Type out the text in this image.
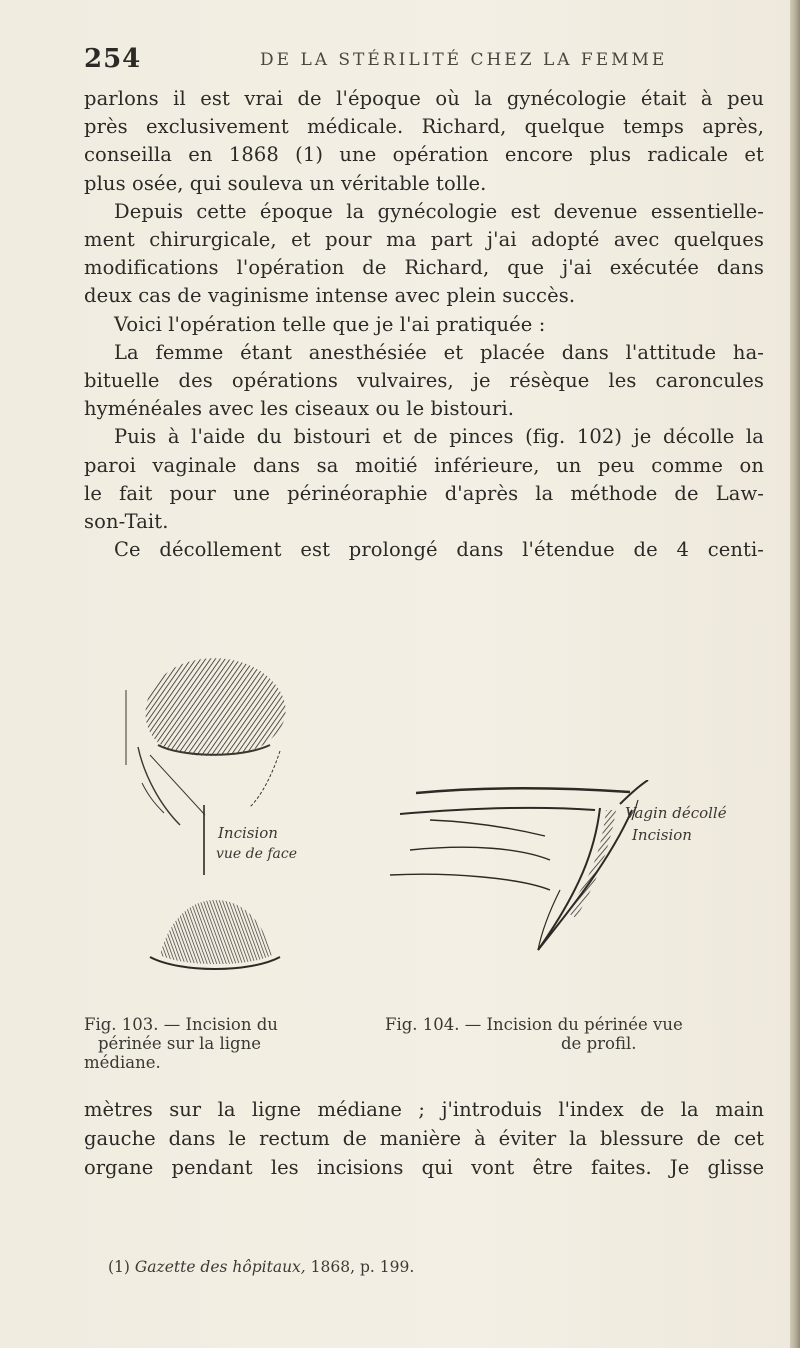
254	DE LA STÉRILITÉ CHEZ LA FEMME

parlons il est vrai de l'époque où la gynécologie était à peu

près exclusivement médicale. Richard, quelque temps après,

conseilla en 1868 (1) une opération encore plus radicale et

plus osée, qui souleva un véritable tolle.

Depuis cette époque la gynécologie est devenue essentielle-

ment chirurgicale, et pour ma part j'ai adopté avec quelques

modifications l'opération de Richard, que j'ai exécutée dans

deux cas de vaginisme intense avec plein succès.

Voici l'opération telle que je l'ai pratiquée :

La femme étant anesthésiée et placée dans l'attitude ha-

bituelle des opérations vulvaires, je résèque les caroncules

hyménéales avec les ciseaux ou le bistouri.

Puis à l'aide du bistouri et de pinces (fig. 102) je décolle la

paroi vaginale dans sa moitié inférieure, un peu comme on

le fait pour une périnéoraphie d'après la méthode de Law-

son-Tait.

Ce décollement est prolongé dans l'étendue de 4 centi-

Incision
vue de face
Vagin décollé
Incision
Fig. 103. — Incision du
périnée sur la ligne
médiane.
Fig. 104. — Incision du périnée vue
de profil.

mètres sur la ligne médiane ; j'introduis l'index de la main

gauche dans le rectum de manière à éviter la blessure de cet

organe pendant les incisions qui vont être faites. Je glisse

(1) Gazette des hôpitaux, 1868, p. 199.
